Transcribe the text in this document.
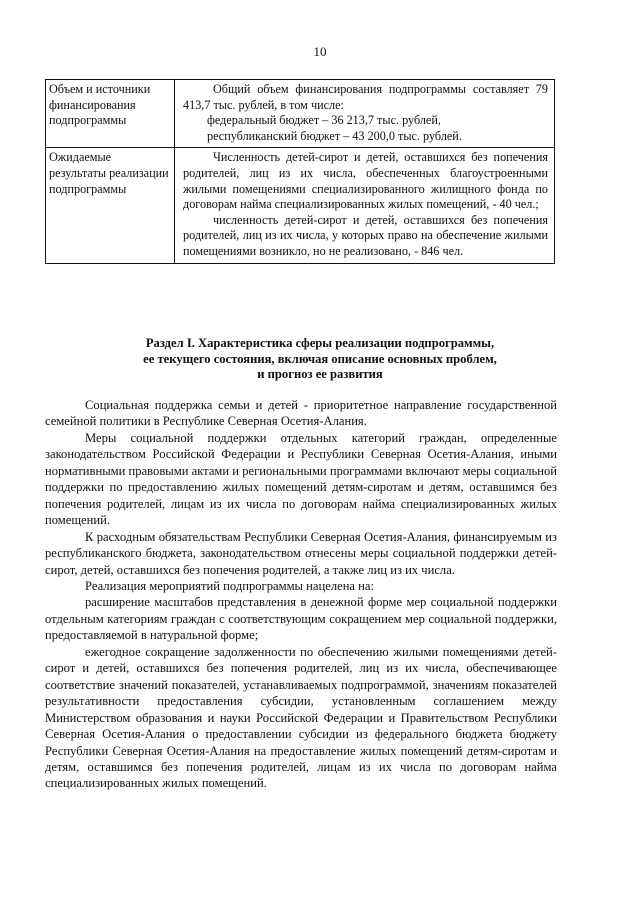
10
Объем и источники финансирования подпрограммы	Общий объем финансирования подпрограммы составляет 79 413,7 тыс. рублей, в том числе:
федеральный бюджет – 36 213,7 тыс. рублей,
республиканский бюджет – 43 200,0 тыс. рублей.

Ожидаемые результаты реализации подпрограммы	Численность детей-сирот и детей, оставшихся без попечения родителей, лиц из их числа, обеспеченных благоустроенными жилыми помещениями специализированного жилищного фонда по договорам найма специализированных жилых помещений, - 40 чел.;
численность детей-сирот и детей, оставшихся без попечения родителей, лиц из их числа, у которых право на обеспечение жилыми помещениями возникло, но не реализовано, - 846 чел.
Раздел I. Характеристика сферы реализации подпрограммы,
ее текущего состояния, включая описание основных проблем,
и прогноз ее развития

Социальная поддержка семьи и детей - приоритетное направление государственной семейной политики в Республике Северная Осетия-Алания.

Меры социальной поддержки отдельных категорий граждан, определенные законодательством Российской Федерации и Республики Северная Осетия-Алания, иными нормативными правовыми актами и региональными программами включают меры социальной поддержки по предоставлению жилых помещений детям-сиротам и детям, оставшимся без попечения родителей, лицам из их числа по договорам найма специализированных жилых помещений.

К расходным обязательствам Республики Северная Осетия-Алания, финансируемым из республиканского бюджета, законодательством отнесены меры социальной поддержки детей-сирот, детей, оставшихся без попечения родителей, а также лиц из их числа.

Реализация мероприятий подпрограммы нацелена на:

расширение масштабов представления в денежной форме мер социальной поддержки отдельным категориям граждан с соответствующим сокращением мер социальной поддержки, предоставляемой в натуральной форме;

ежегодное сокращение задолженности по обеспечению жилыми помещениями детей-сирот и детей, оставшихся без попечения родителей, лиц из их числа, обеспечивающее соответствие значений показателей, устанавливаемых подпрограммой, значениям показателей результативности предоставления субсидии, установленным соглашением между Министерством образования и науки Российской Федерации и Правительством Республики Северная Осетия-Алания о предоставлении субсидии из федерального бюджета бюджету Республики Северная Осетия-Алания на предоставление жилых помещений детям-сиротам и детям, оставшимся без попечения родителей, лицам из их числа по договорам найма специализированных жилых помещений.
